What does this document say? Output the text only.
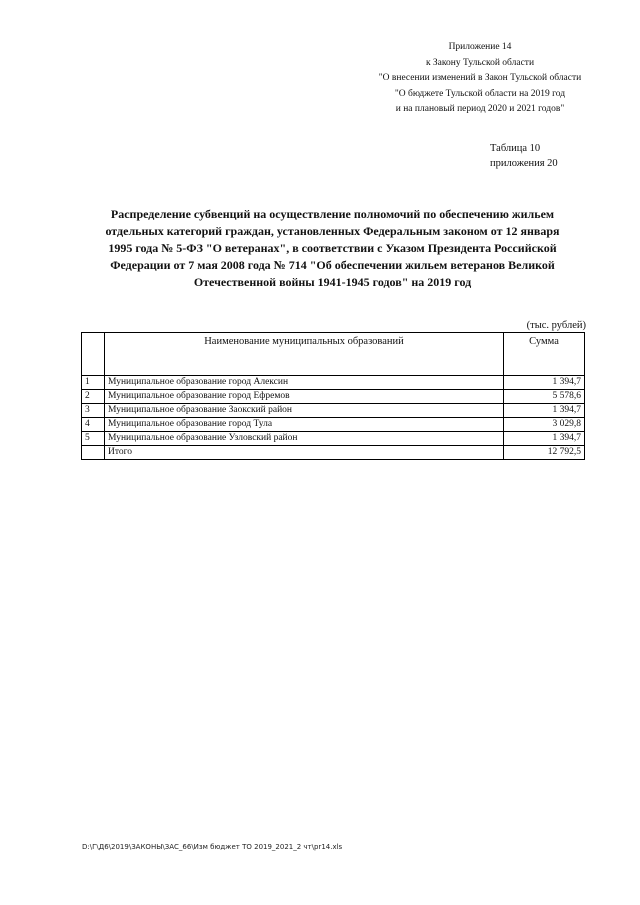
Приложение 14
к Закону Тульской области
"О внесении изменений в Закон Тульской области
"О бюджете Тульской области на 2019 год
и на плановый период 2020 и 2021 годов"
Таблица 10
приложения 20
Распределение субвенций на осуществление полномочий по обеспечению жильем
отдельных категорий граждан, установленных Федеральным законом от 12 января
1995 года № 5-ФЗ "О ветеранах", в соответствии с Указом Президента Российской
Федерации от 7 мая 2008 года № 714 "Об обеспечении жильем ветеранов Великой
Отечественной войны 1941-1945 годов" на 2019 год
(тыс. рублей)
	Наименование муниципальных образований	Сумма
1	Муниципальное образование город Алексин	1 394,7
2	Муниципальное образование город Ефремов	5 578,6
3	Муниципальное образование Заокский район	1 394,7
4	Муниципальное образование город Тула	3 029,8
5	Муниципальное образование Узловский район	1 394,7
	Итого	12 792,5
D:\Г\Д6\2019\ЗАКОНЫ\ЗАС_66\Изм бюджет ТО 2019_2021_2 чт\pr14.xls
